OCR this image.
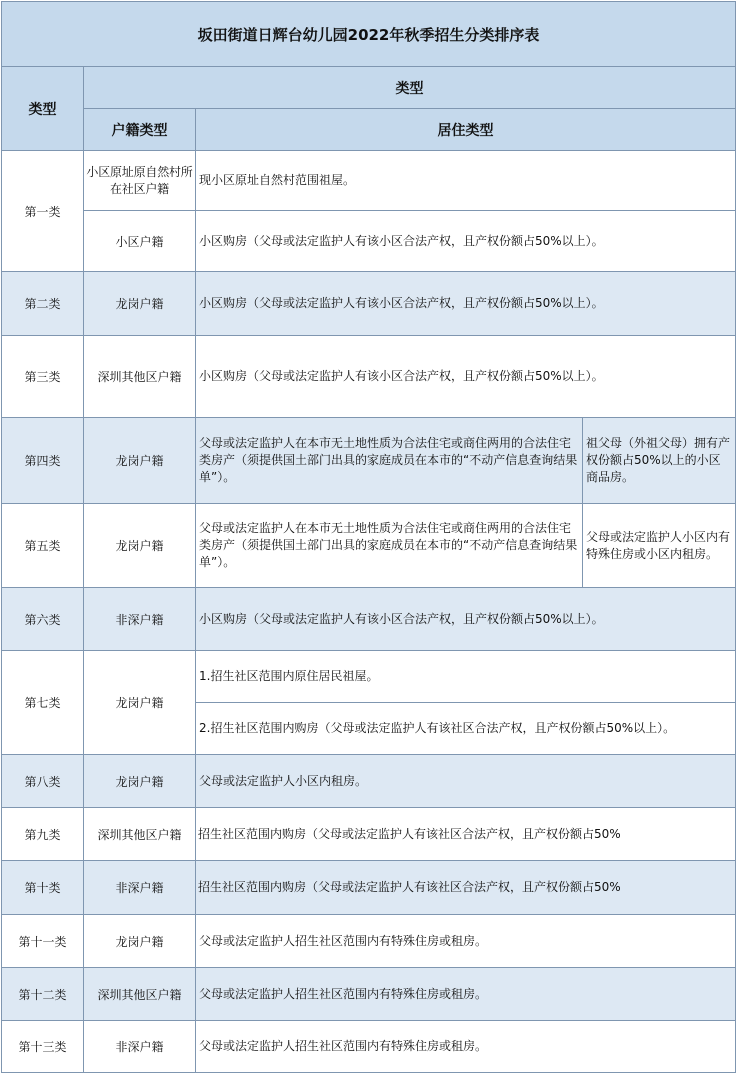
坂田街道日辉台幼儿园2022年秋季招生分类排序表			
类型	类型		
	户籍类型	居住类型	
第一类	小区原址原自然村所在社区户籍	现小区原址自然村范围祖屋。	
	小区户籍	小区购房（父母或法定监护人有该小区合法产权，且产权份额占50%以上）。	
第二类	龙岗户籍	小区购房（父母或法定监护人有该小区合法产权，且产权份额占50%以上）。	
第三类	深圳其他区户籍	小区购房（父母或法定监护人有该小区合法产权，且产权份额占50%以上）。	
第四类	龙岗户籍	父母或法定监护人在本市无土地性质为合法住宅或商住两用的合法住宅类房产（须提供国土部门出具的家庭成员在本市的“不动产信息查询结果单”）。	祖父母（外祖父母）拥有产权份额占50%以上的小区商品房。
第五类	龙岗户籍	父母或法定监护人在本市无土地性质为合法住宅或商住两用的合法住宅类房产（须提供国土部门出具的家庭成员在本市的“不动产信息查询结果单”）。	父母或法定监护人小区内有特殊住房或小区内租房。
第六类	非深户籍	小区购房（父母或法定监护人有该小区合法产权，且产权份额占50%以上）。	
第七类	龙岗户籍	1.招生社区范围内原住居民祖屋。	
		2.招生社区范围内购房（父母或法定监护人有该社区合法产权，且产权份额占50%以上）。	
第八类	龙岗户籍	父母或法定监护人小区内租房。	
第九类	深圳其他区户籍	招生社区范围内购房（父母或法定监护人有该社区合法产权，且产权份额占50%	
第十类	非深户籍	招生社区范围内购房（父母或法定监护人有该社区合法产权，且产权份额占50%	
第十一类	龙岗户籍	父母或法定监护人招生社区范围内有特殊住房或租房。	
第十二类	深圳其他区户籍	父母或法定监护人招生社区范围内有特殊住房或租房。	
第十三类	非深户籍	父母或法定监护人招生社区范围内有特殊住房或租房。	
